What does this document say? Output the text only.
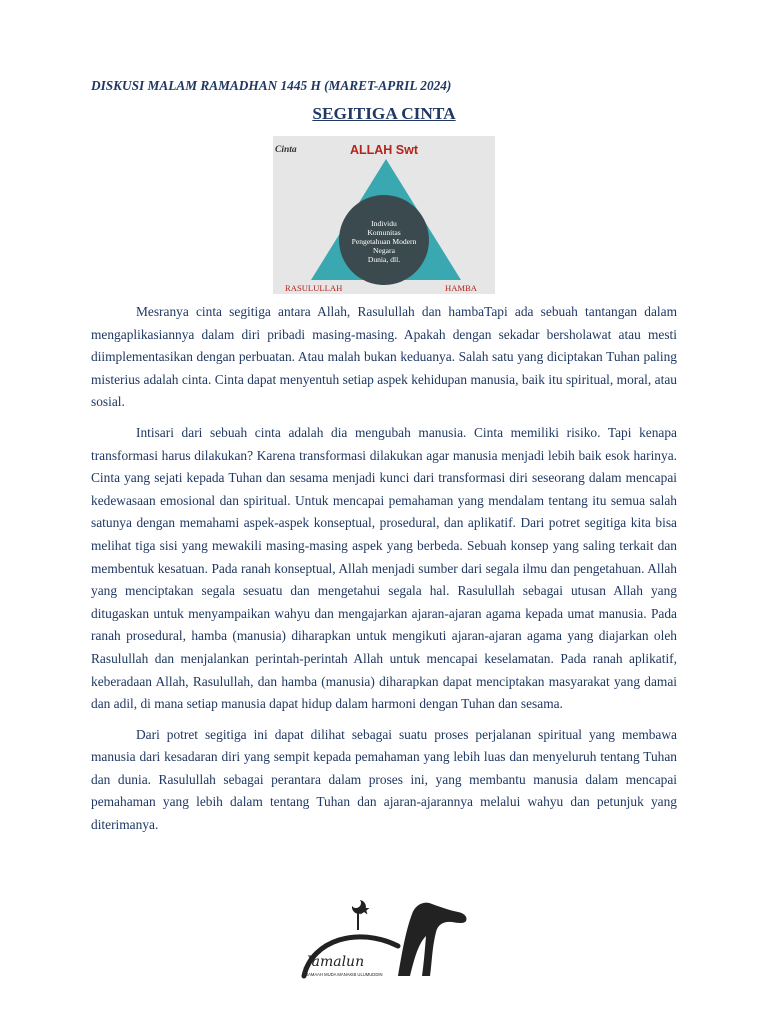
DISKUSI MALAM RAMADHAN 1445 H (MARET-APRIL 2024)
SEGITIGA CINTA
Cinta	ALLAH Swt
RASULULLAH	HAMBA
Individu
Komunitas
Pengetahuan Modern
Negara
Dunia, dll.

Mesranya cinta segitiga antara Allah, Rasulullah dan hambaTapi ada sebuah tantangan dalam mengaplikasiannya dalam diri pribadi masing-masing. Apakah dengan sekadar bersholawat atau mesti diimplementasikan dengan perbuatan. Atau malah bukan keduanya. Salah satu yang diciptakan Tuhan paling misterius adalah cinta. Cinta dapat menyentuh setiap aspek kehidupan manusia, baik itu spiritual, moral, atau sosial.

Intisari dari sebuah cinta adalah dia mengubah manusia. Cinta memiliki risiko. Tapi kenapa transformasi harus dilakukan? Karena transformasi dilakukan agar manusia menjadi lebih baik esok harinya. Cinta yang sejati kepada Tuhan dan sesama menjadi kunci dari transformasi diri seseorang dalam mencapai kedewasaan emosional dan spiritual. Untuk mencapai pemahaman yang mendalam tentang itu semua salah satunya dengan memahami aspek-aspek konseptual, prosedural, dan aplikatif. Dari potret segitiga kita bisa melihat tiga sisi yang mewakili masing-masing aspek yang berbeda. Sebuah konsep yang saling terkait dan membentuk kesatuan. Pada ranah konseptual, Allah menjadi sumber dari segala ilmu dan pengetahuan. Allah yang menciptakan segala sesuatu dan mengetahui segala hal. Rasulullah sebagai utusan Allah yang ditugaskan untuk menyampaikan wahyu dan mengajarkan ajaran-ajaran agama kepada umat manusia. Pada ranah prosedural, hamba (manusia) diharapkan untuk mengikuti ajaran-ajaran agama yang diajarkan oleh Rasulullah dan menjalankan perintah-perintah Allah untuk mencapai keselamatan. Pada ranah aplikatif, keberadaan Allah, Rasulullah, dan hamba (manusia) diharapkan dapat menciptakan masyarakat yang damai dan adil, di mana setiap manusia dapat hidup dalam harmoni dengan Tuhan dan sesama.

Dari potret segitiga ini dapat dilihat sebagai suatu proses perjalanan spiritual yang membawa manusia dari kesadaran diri yang sempit kepada pemahaman yang lebih luas dan menyeluruh tentang Tuhan dan dunia. Rasulullah sebagai perantara dalam proses ini, yang membantu manusia dalam mencapai pemahaman yang lebih dalam tentang Tuhan dan ajaran-ajarannya melalui wahyu dan petunjuk yang diterimanya.

Jamalun
JAMAAH MUDA MANAKIB ULUMUDDIN
